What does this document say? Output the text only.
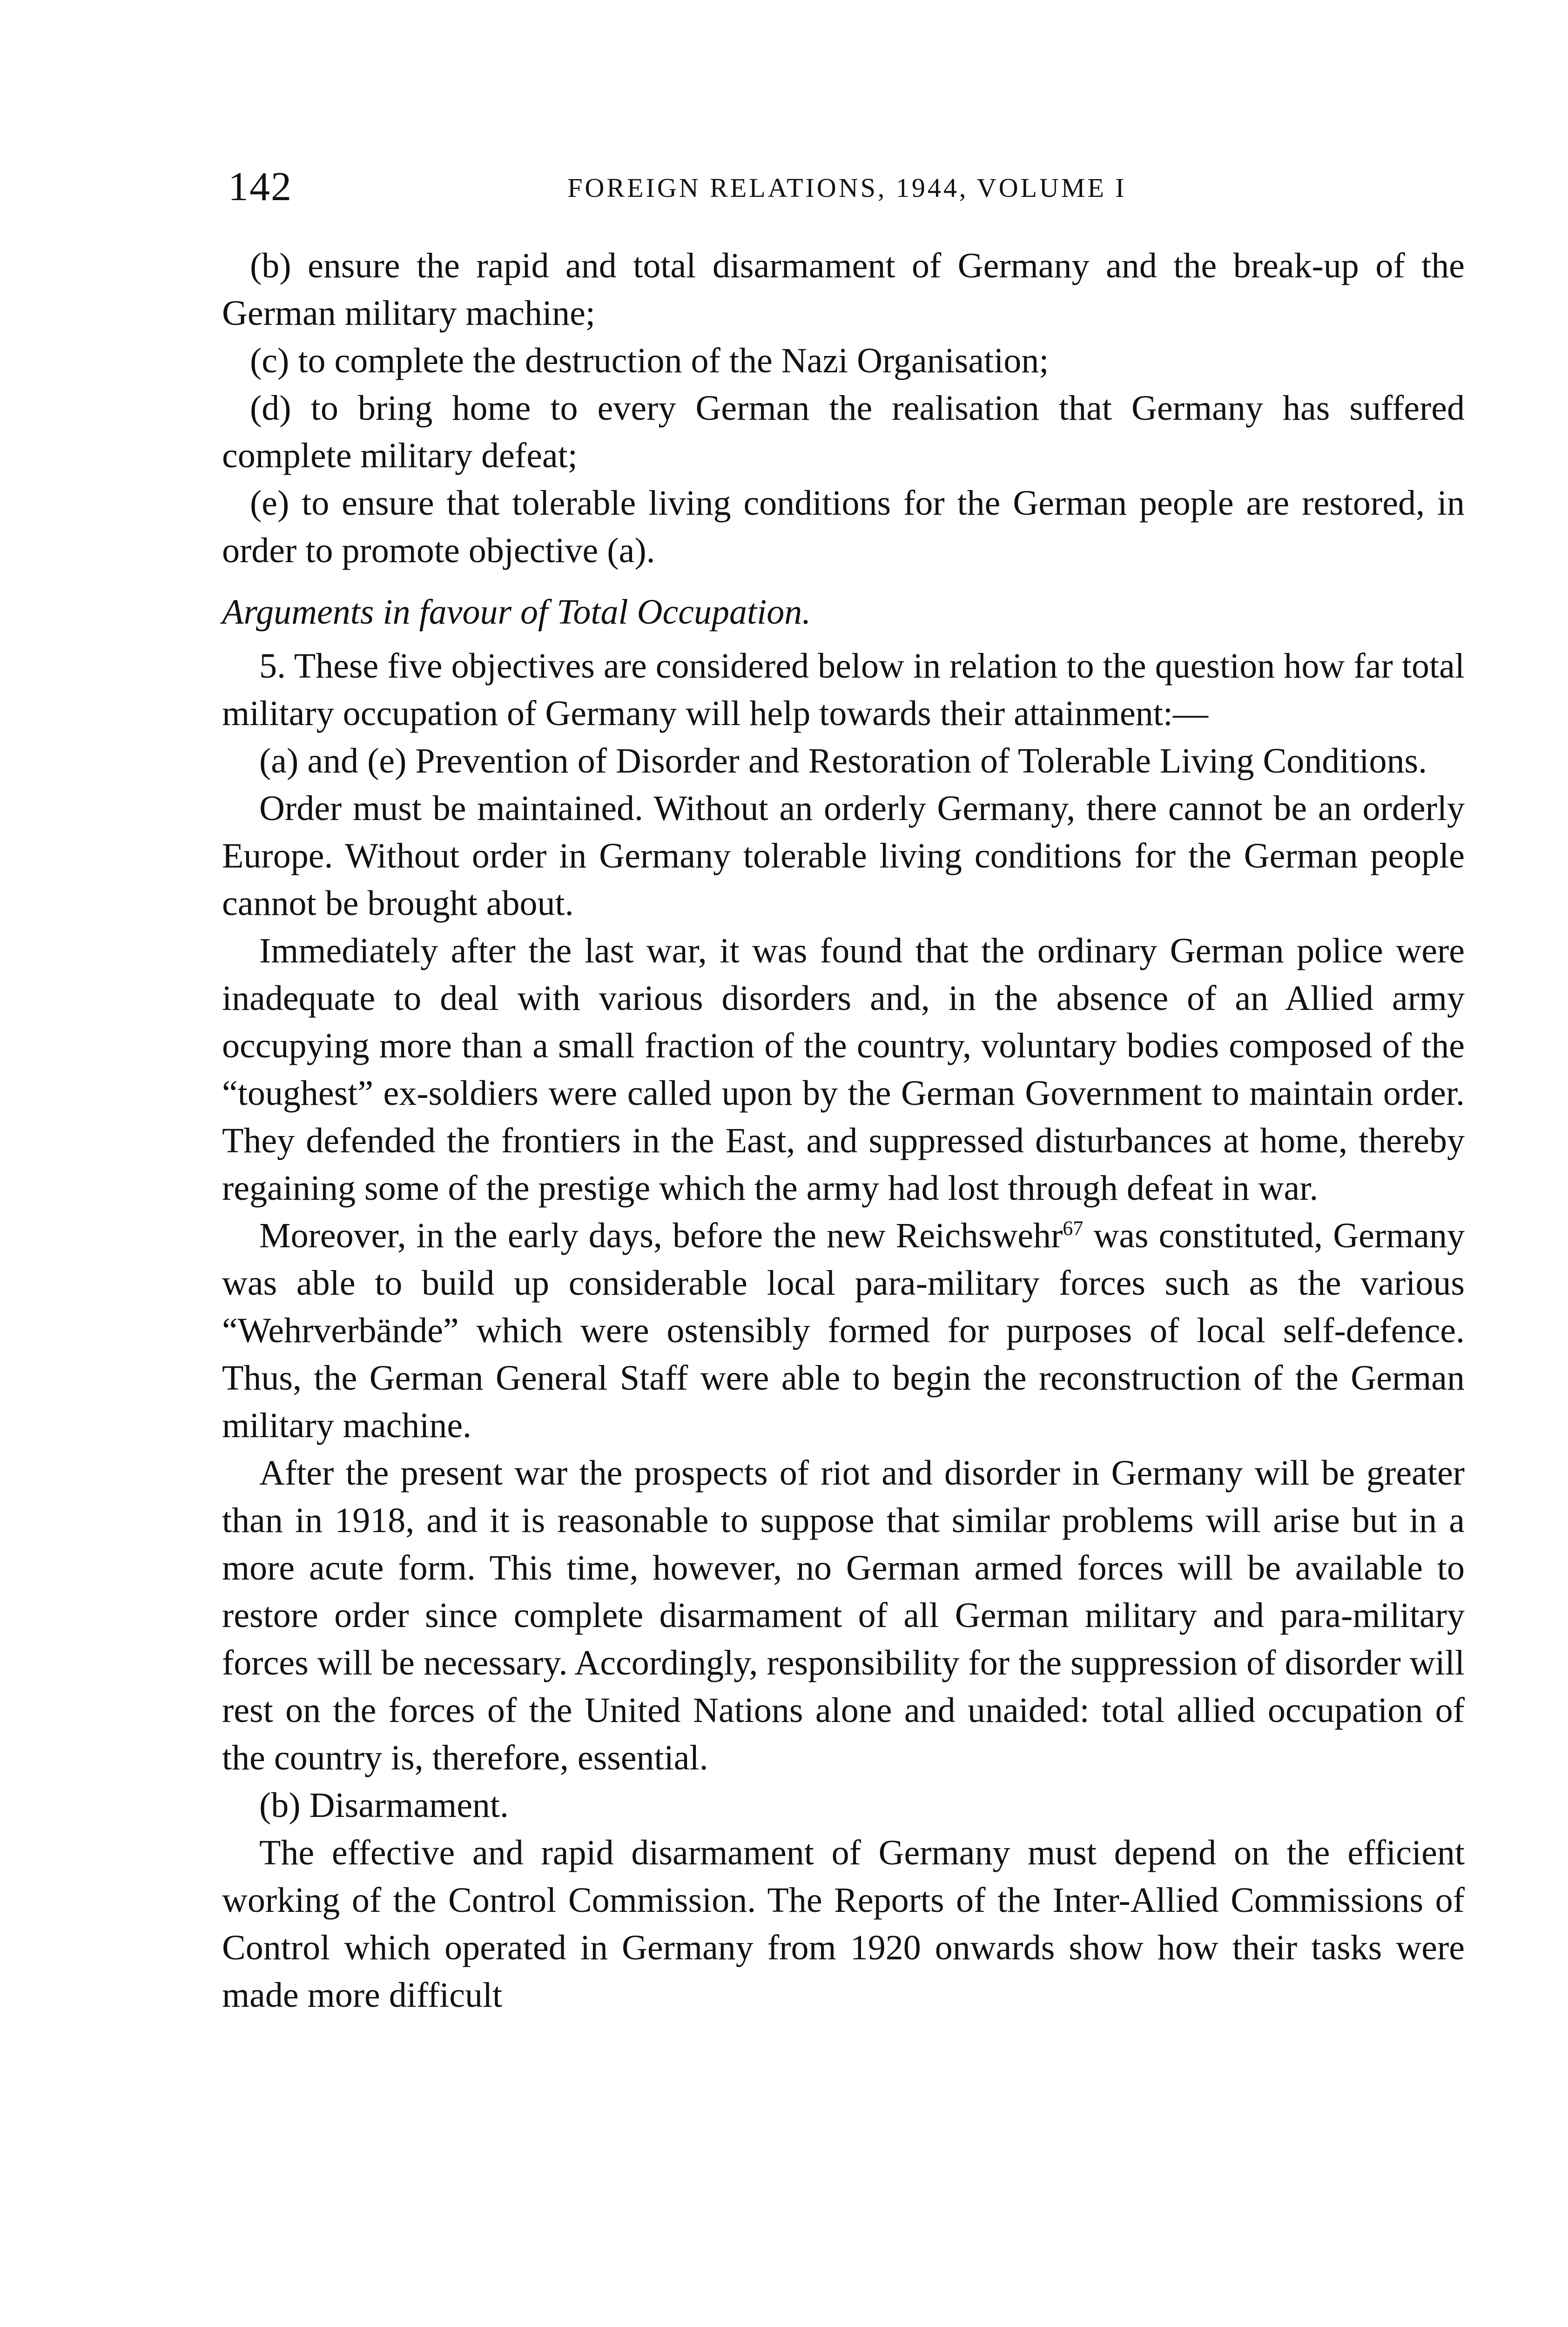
142	FOREIGN RELATIONS, 1944, VOLUME I

(b) ensure the rapid and total disarmament of Germany and the break-up of the German military machine;

(c) to complete the destruction of the Nazi Organisation;

(d) to bring home to every German the realisation that Germany has suffered complete military defeat;

(e) to ensure that tolerable living conditions for the German people are restored, in order to promote objective (a).

Arguments in favour of Total Occupation.

5. These five objectives are considered below in relation to the question how far total military occupation of Germany will help towards their attainment:—

(a) and (e) Prevention of Disorder and Restoration of Tolerable Living Conditions.

Order must be maintained. Without an orderly Germany, there cannot be an orderly Europe. Without order in Germany tolerable living conditions for the German people cannot be brought about.

Immediately after the last war, it was found that the ordinary German police were inadequate to deal with various disorders and, in the absence of an Allied army occupying more than a small fraction of the country, voluntary bodies composed of the “toughest” ex-soldiers were called upon by the German Government to maintain order. They defended the frontiers in the East, and suppressed disturbances at home, thereby regaining some of the prestige which the army had lost through defeat in war.

Moreover, in the early days, before the new Reichswehr$^{67}$ was constituted, Germany was able to build up considerable local para-military forces such as the various “Wehrverbände” which were ostensibly formed for purposes of local self-defence. Thus, the German General Staff were able to begin the reconstruction of the German military machine.

After the present war the prospects of riot and disorder in Germany will be greater than in 1918, and it is reasonable to suppose that similar problems will arise but in a more acute form. This time, however, no German armed forces will be available to restore order since complete disarmament of all German military and para-military forces will be necessary. Accordingly, responsibility for the suppression of disorder will rest on the forces of the United Nations alone and unaided: total allied occupation of the country is, therefore, essential.

(b) Disarmament.

The effective and rapid disarmament of Germany must depend on the efficient working of the Control Commission. The Reports of the Inter-Allied Commissions of Control which operated in Germany from 1920 onwards show how their tasks were made more difficult
